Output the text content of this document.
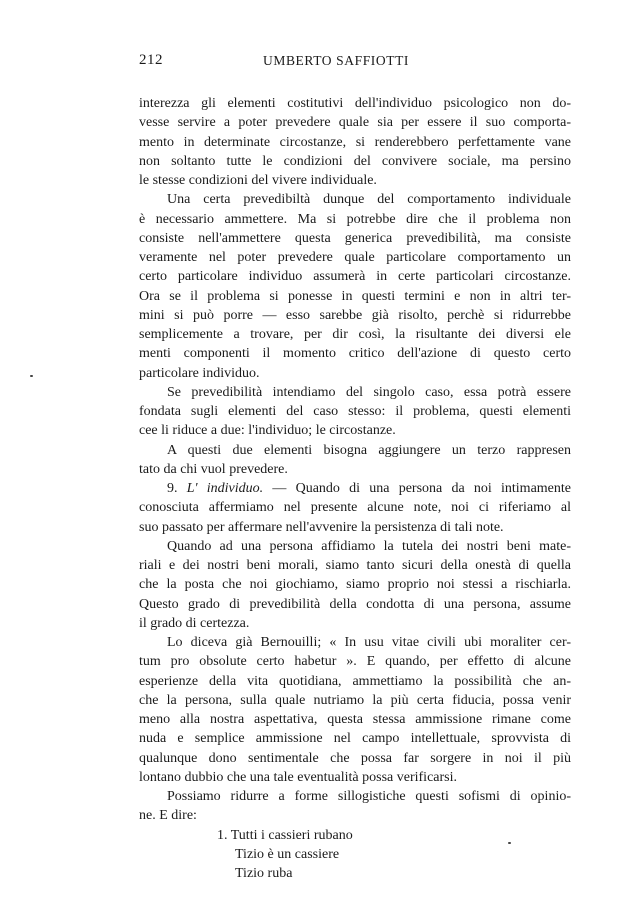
212	UMBERTO SAFFIOTTI
interezza gli elementi costitutivi dell'individuo psicologico non do-
vesse servire a poter prevedere quale sia per essere il suo comporta-
mento in determinate circostanze, si renderebbero perfettamente vane
non soltanto tutte le condizioni del convivere sociale, ma persino
le stesse condizioni del vivere individuale.
Una certa prevedibiltà dunque del comportamento individuale
è necessario ammettere. Ma si potrebbe dire che il problema non
consiste nell'ammettere questa generica prevedibilità, ma consiste
veramente nel poter prevedere quale particolare comportamento un
certo particolare individuo assumerà in certe particolari circostanze.
Ora se il problema si ponesse in questi termini e non in altri ter-
mini si può porre — esso sarebbe già risolto, perchè si ridurrebbe
semplicemente a trovare, per dir così, la risultante dei diversi ele
menti componenti il momento critico dell'azione di questo certo
particolare individuo.
Se prevedibilità intendiamo del singolo caso, essa potrà essere
fondata sugli elementi del caso stesso: il problema, questi elementi
cee li riduce a due: l'individuo; le circostanze.
A questi due elementi bisogna aggiungere un terzo rappresen
tato da chi vuol prevedere.
9. L' individuo. — Quando di una persona da noi intimamente
conosciuta affermiamo nel presente alcune note, noi ci riferiamo al
suo passato per affermare nell'avvenire la persistenza di tali note.
Quando ad una persona affidiamo la tutela dei nostri beni mate-
riali e dei nostri beni morali, siamo tanto sicuri della onestà di quella
che la posta che noi giochiamo, siamo proprio noi stessi a rischiarla.
Questo grado di prevedibilità della condotta di una persona, assume
il grado di certezza.
Lo diceva già Bernouilli; « In usu vitae civili ubi moraliter cer-
tum pro obsolute certo habetur ». E quando, per effetto di alcune
esperienze della vita quotidiana, ammettiamo la possibilità che an-
che la persona, sulla quale nutriamo la più certa fiducia, possa venir
meno alla nostra aspettativa, questa stessa ammissione rimane come
nuda e semplice ammissione nel campo intellettuale, sprovvista di
qualunque dono sentimentale che possa far sorgere in noi il più
lontano dubbio che una tale eventualità possa verificarsi.
Possiamo ridurre a forme sillogistiche questi sofismi di opinio-
ne. E dire:
1. Tutti i cassieri rubano
Tizio è un cassiere
Tizio ruba
